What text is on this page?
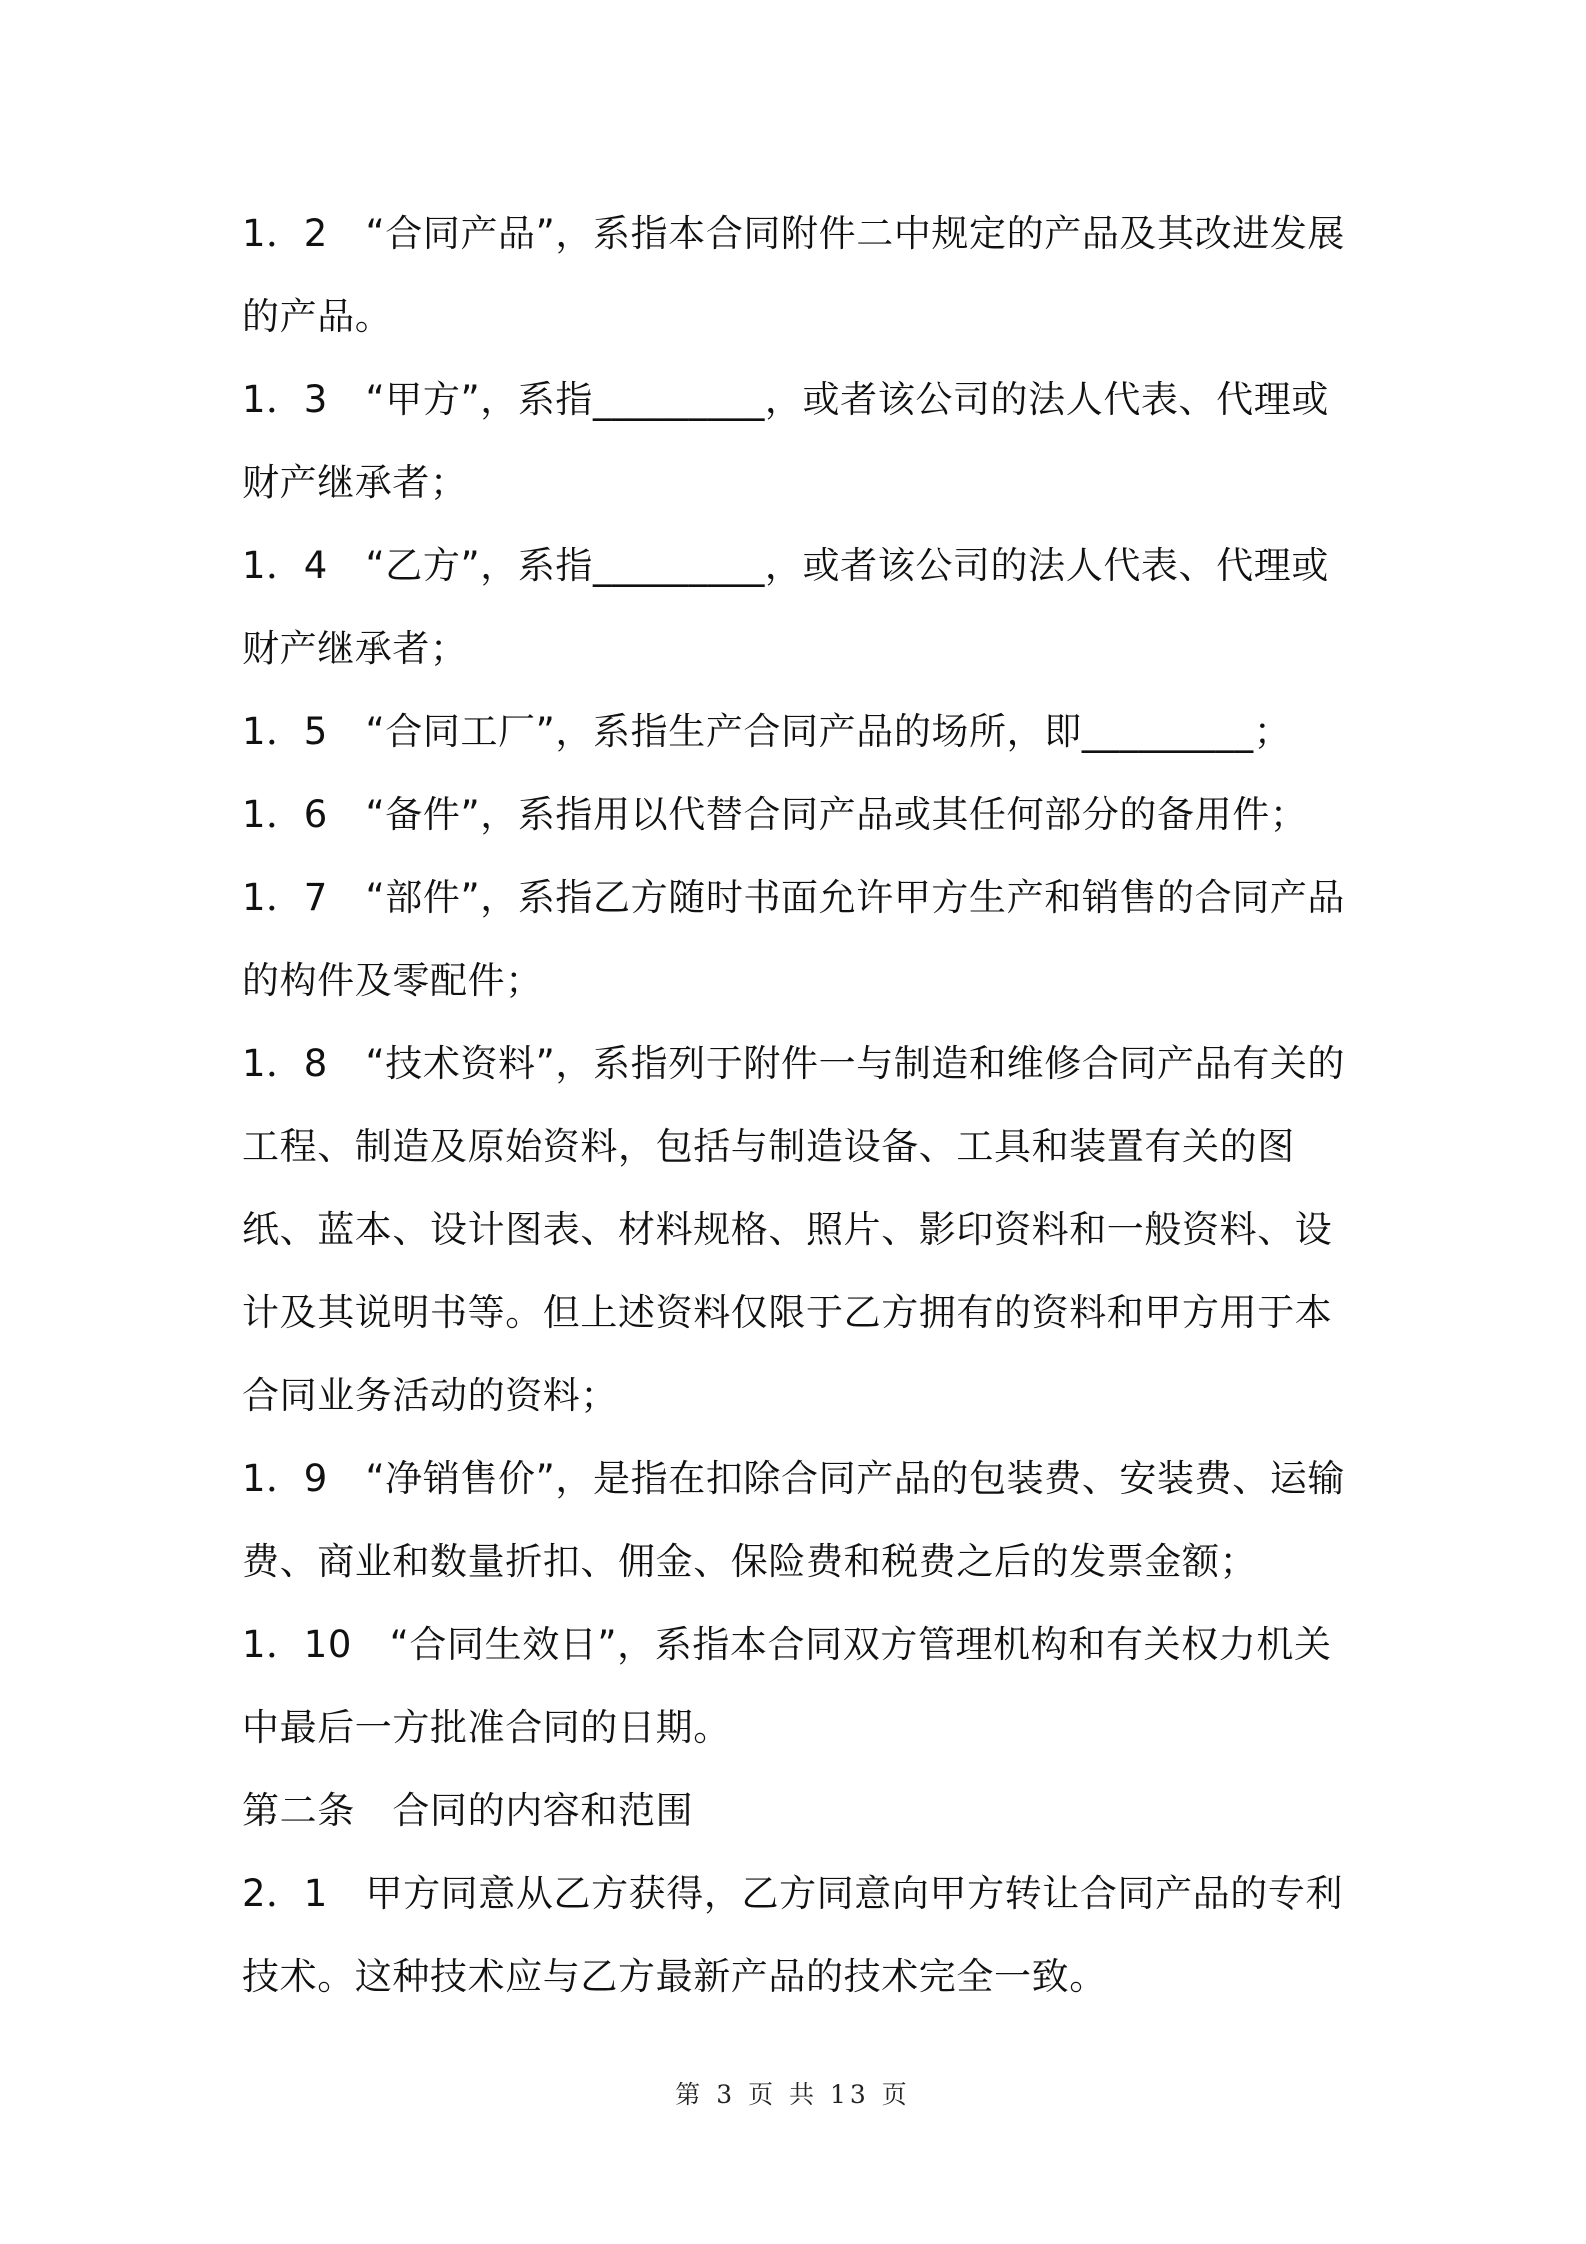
1．2　“合同产品”，系指本合同附件二中规定的产品及其改进发展的产品。

1．3　“甲方”，系指_________，或者该公司的法人代表、代理或财产继承者；

1．4　“乙方”，系指_________，或者该公司的法人代表、代理或财产继承者；

1．5　“合同工厂”，系指生产合同产品的场所，即_________；

1．6　“备件”，系指用以代替合同产品或其任何部分的备用件；

1．7　“部件”，系指乙方随时书面允许甲方生产和销售的合同产品的构件及零配件；

1．8　“技术资料”，系指列于附件一与制造和维修合同产品有关的工程、制造及原始资料，包括与制造设备、工具和装置有关的图纸、蓝本、设计图表、材料规格、照片、影印资料和一般资料、设计及其说明书等。但上述资料仅限于乙方拥有的资料和甲方用于本合同业务活动的资料；

1．9　“净销售价”，是指在扣除合同产品的包装费、安装费、运输费、商业和数量折扣、佣金、保险费和税费之后的发票金额；

1．10　“合同生效日”，系指本合同双方管理机构和有关权力机关中最后一方批准合同的日期。

第二条　合同的内容和范围

2．1　甲方同意从乙方获得，乙方同意向甲方转让合同产品的专利技术。这种技术应与乙方最新产品的技术完全一致。

第 3 页 共 13 页
